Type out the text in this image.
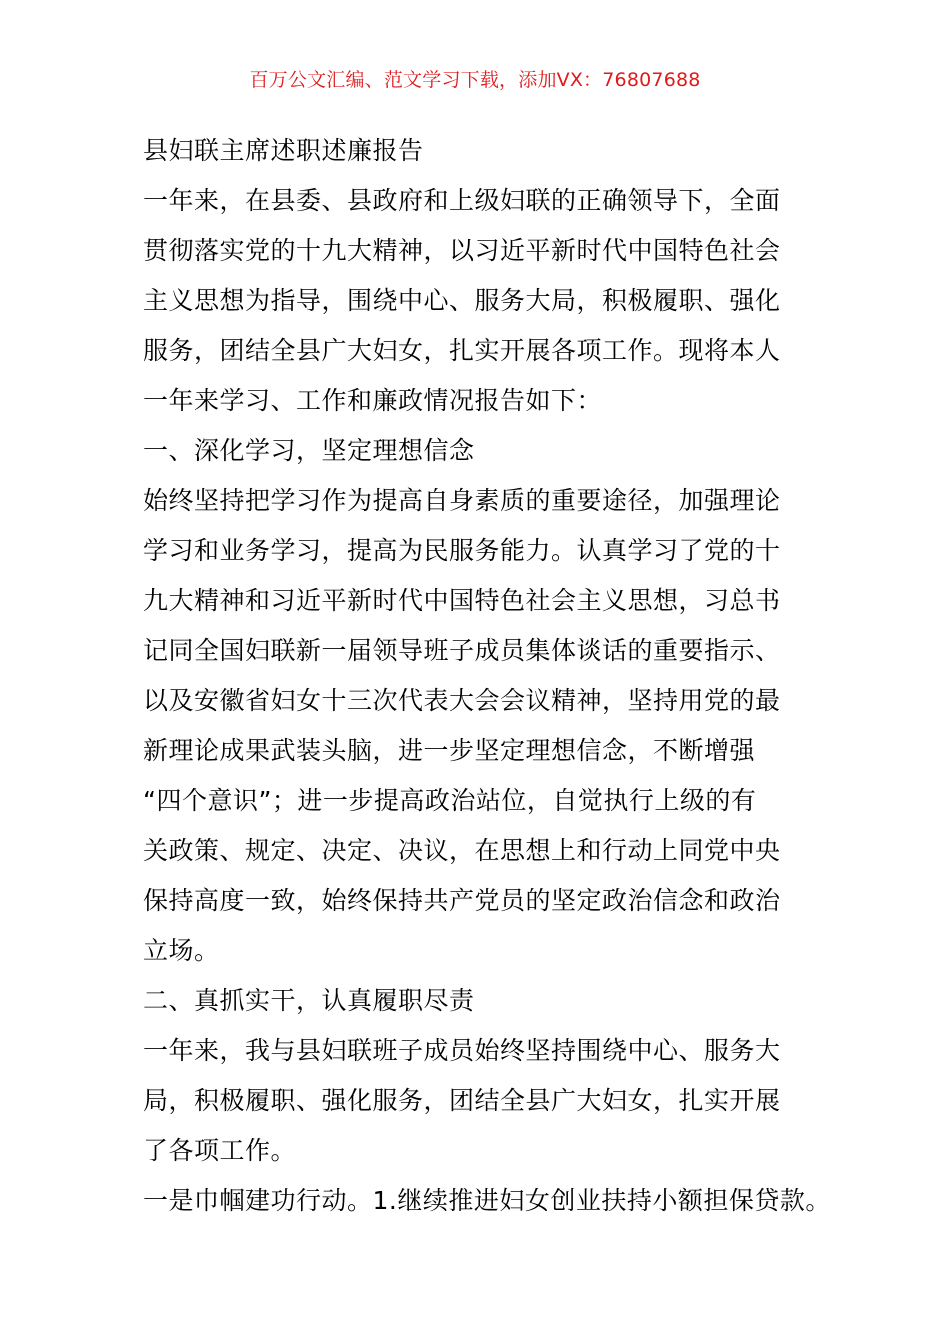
百万公文汇编、范文学习下载，添加VX：76807688
县妇联主席述职述廉报告
一年来，在县委、县政府和上级妇联的正确领导下，全面
贯彻落实党的十九大精神，以习近平新时代中国特色社会
主义思想为指导，围绕中心、服务大局，积极履职、强化
服务，团结全县广大妇女，扎实开展各项工作。现将本人
一年来学习、工作和廉政情况报告如下：
一、深化学习，坚定理想信念
始终坚持把学习作为提高自身素质的重要途径，加强理论
学习和业务学习，提高为民服务能力。认真学习了党的十
九大精神和习近平新时代中国特色社会主义思想，习总书
记同全国妇联新一届领导班子成员集体谈话的重要指示、
以及安徽省妇女十三次代表大会会议精神，坚持用党的最
新理论成果武装头脑，进一步坚定理想信念，不断增强
“四个意识”；进一步提高政治站位，自觉执行上级的有
关政策、规定、决定、决议，在思想上和行动上同党中央
保持高度一致，始终保持共产党员的坚定政治信念和政治
立场。
二、真抓实干，认真履职尽责
一年来，我与县妇联班子成员始终坚持围绕中心、服务大
局，积极履职、强化服务，团结全县广大妇女，扎实开展
了各项工作。
一是巾帼建功行动。1.继续推进妇女创业扶持小额担保贷款。
